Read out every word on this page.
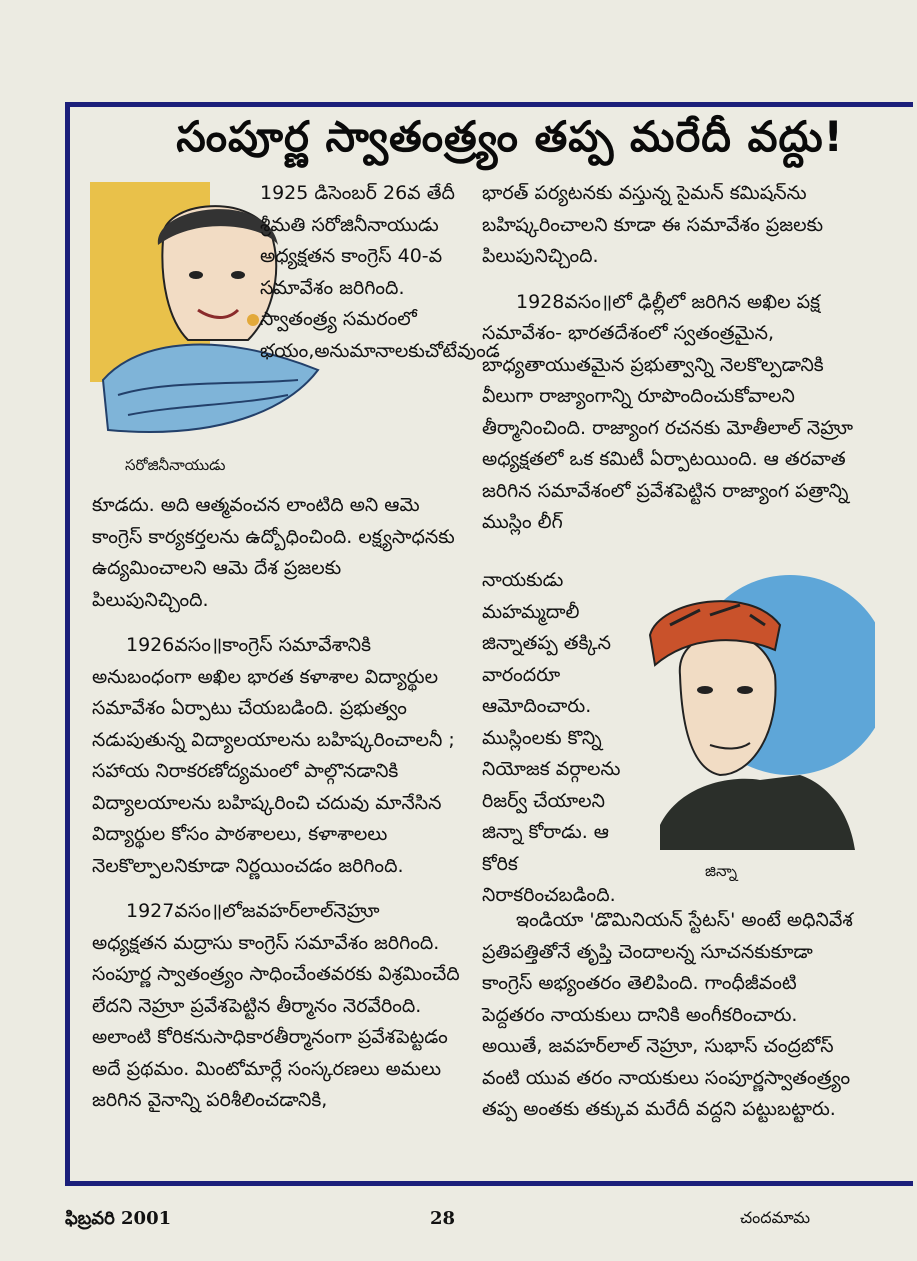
సంపూర్ణ స్వాతంత్ర్యం తప్ప మరేదీ వద్దు!
సరోజినీనాయుడు

1925 డిసెంబర్ 26వ తేదీ శ్రీమతి సరోజినీనాయుడు అధ్యక్షతన కాంగ్రెస్ 40-వ సమావేశం జరిగింది. స్వాతంత్ర్య సమరంలో భయం,అనుమానాలకుచోటేవుండ

కూడదు. అది ఆత్మవంచన లాంటిది అని ఆమె కాంగ్రెస్ కార్యకర్తలను ఉద్బోధించింది. లక్ష్యసాధనకు ఉద్యమించాలని ఆమె దేశ ప్రజలకు పిలుపునిచ్చింది.

1926వసం॥కాంగ్రెస్ సమావేశానికి అనుబంధంగా అఖిల భారత కళాశాల విద్యార్థుల సమావేశం ఏర్పాటు చేయబడింది. ప్రభుత్వం నడుపుతున్న విద్యాలయాలను బహిష్కరించాలనీ ; సహాయ నిరాకరణోద్యమంలో పాల్గొనడానికి విద్యాలయాలను బహిష్కరించి చదువు మానేసిన విద్యార్థుల కోసం పాఠశాలలు, కళాశాలలు నెలకొల్పాలనికూడా నిర్ణయించడం జరిగింది.

1927వసం॥లోజవహర్‌లాల్‌నెహ్రూ అధ్యక్షతన మద్రాసు కాంగ్రెస్ సమావేశం జరిగింది. సంపూర్ణ స్వాతంత్ర్యం సాధించేంతవరకు విశ్రమించేది లేదని నెహ్రూ ప్రవేశపెట్టిన తీర్మానం నెరవేరింది. అలాంటి కోరికనుసాధికారతీర్మానంగా ప్రవేశపెట్టడం అదే ప్రథమం. మింటోమార్లే సంస్కరణలు అమలు జరిగిన వైనాన్ని పరిశీలించడానికి,

భారత్ పర్యటనకు వస్తున్న సైమన్ కమిషన్‌ను బహిష్కరించాలని కూడా ఈ సమావేశం ప్రజలకు పిలుపునిచ్చింది.

1928వసం॥లో ఢిల్లీలో జరిగిన అఖిల పక్ష సమావేశం- భారతదేశంలో స్వతంత్రమైన, బాధ్యతాయుతమైన ప్రభుత్వాన్ని నెలకొల్పడానికి వీలుగా రాజ్యాంగాన్ని రూపొందించుకోవాలని తీర్మానించింది. రాజ్యాంగ రచనకు మోతీలాల్ నెహ్రూ అధ్యక్షతలో ఒక కమిటీ ఏర్పాటయింది. ఆ తరవాత జరిగిన సమావేశంలో ప్రవేశపెట్టిన రాజ్యాంగ పత్రాన్ని ముస్లిం లీగ్

నాయకుడు మహమ్మదాలీ జిన్నాతప్ప తక్కిన వారందరూ ఆమోదించారు. ముస్లింలకు కొన్ని నియోజక వర్గాలను రిజర్వ్ చేయాలని జిన్నా కోరాడు. ఆ కోరిక నిరాకరించబడింది.

జిన్నా

ఇండియా 'డొమినియన్ స్టేటస్' అంటే అధినివేశ ప్రతిపత్తితోనే తృప్తి చెందాలన్న సూచనకుకూడా కాంగ్రెస్ అభ్యంతరం తెలిపింది. గాంధీజీవంటి పెద్దతరం నాయకులు దానికి అంగీకరించారు. అయితే, జవహర్‌లాల్ నెహ్రూ, సుభాస్ చంద్రబోస్ వంటి యువ తరం నాయకులు సంపూర్ణస్వాతంత్ర్యం తప్ప అంతకు తక్కువ మరేదీ వద్దని పట్టుబట్టారు.

ఫిబ్రవరి 2001	28	చందమామ
